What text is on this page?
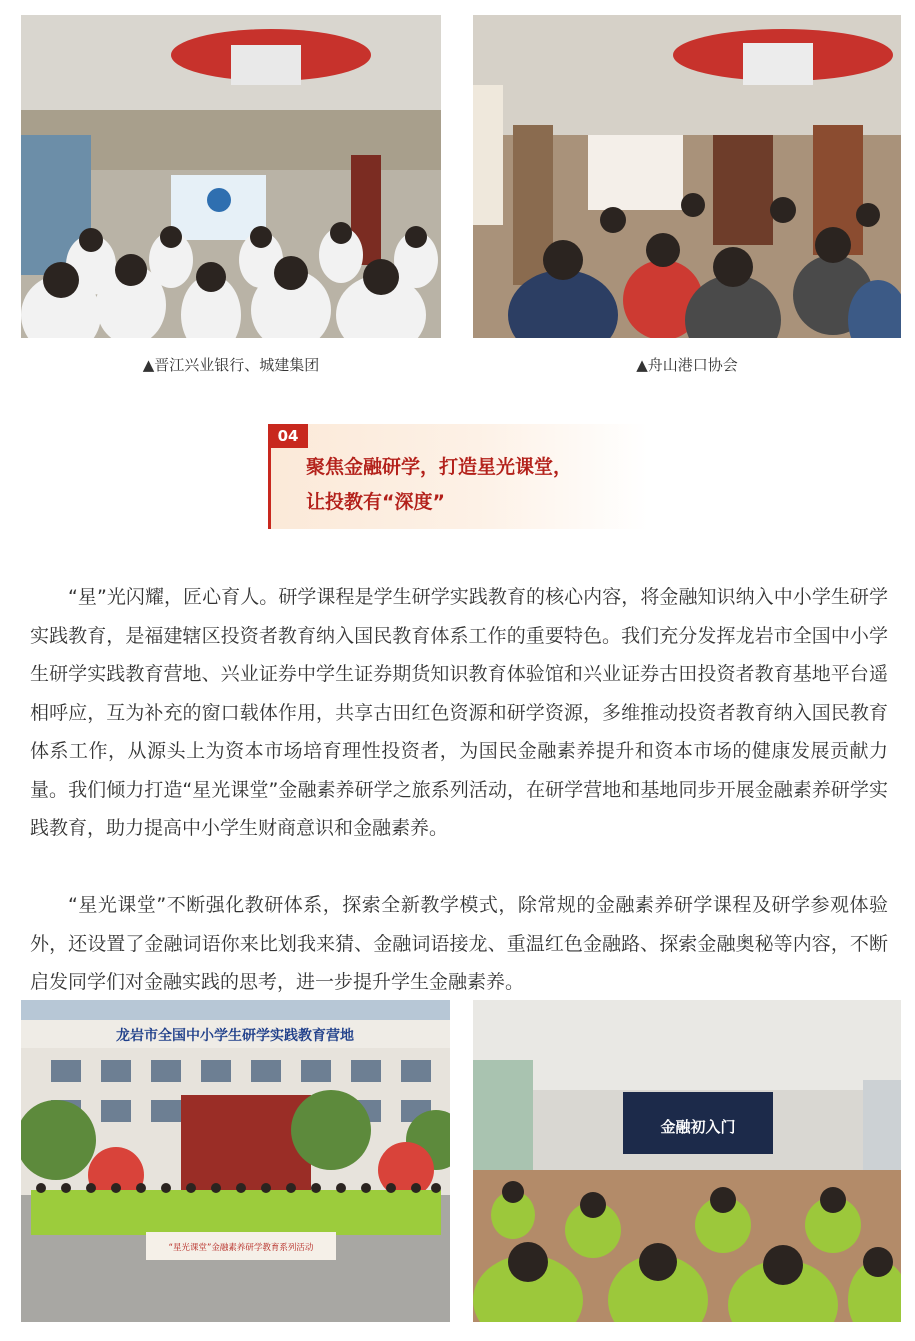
▲晋江兴业银行、城建集团	▲舟山港口协会
04
聚焦金融研学，打造星光课堂，
让投教有“深度”

“星”光闪耀，匠心育人。研学课程是学生研学实践教育的核心内容，将金融知识纳入中小学生研学实践教育，是福建辖区投资者教育纳入国民教育体系工作的重要特色。我们充分发挥龙岩市全国中小学生研学实践教育营地、兴业证券中学生证券期货知识教育体验馆和兴业证券古田投资者教育基地平台遥相呼应，互为补充的窗口载体作用，共享古田红色资源和研学资源，多维推动投资者教育纳入国民教育体系工作，从源头上为资本市场培育理性投资者，为国民金融素养提升和资本市场的健康发展贡献力量。我们倾力打造“星光课堂”金融素养研学之旅系列活动，在研学营地和基地同步开展金融素养研学实践教育，助力提高中小学生财商意识和金融素养。

“星光课堂”不断强化教研体系，探索全新教学模式，除常规的金融素养研学课程及研学参观体验外，还设置了金融词语你来比划我来猜、金融词语接龙、重温红色金融路、探索金融奥秘等内容，不断启发同学们对金融实践的思考，进一步提升学生金融素养。

龙岩市全国中小学生研学实践教育营地
“星光课堂”金融素养研学教育系列活动
金融初入门
